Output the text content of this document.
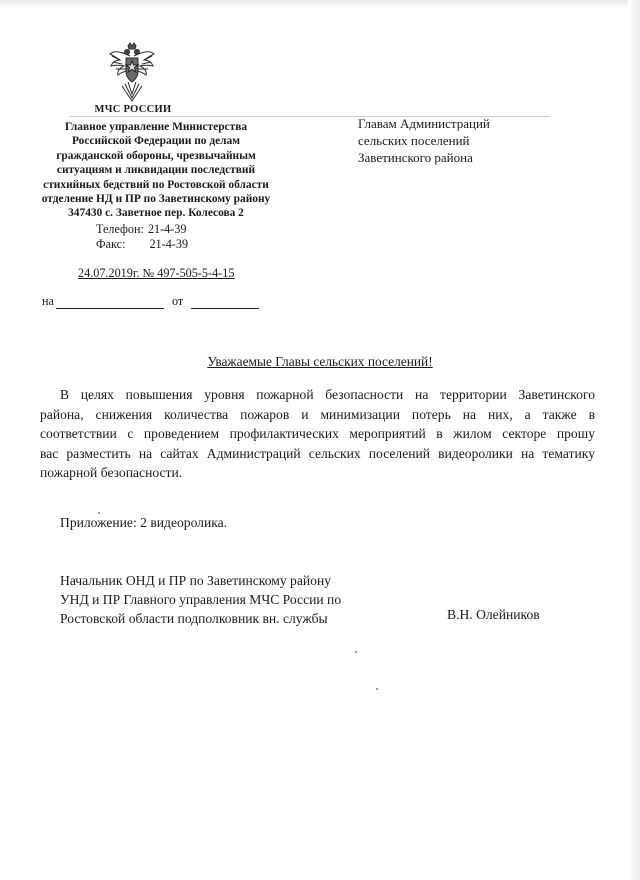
МЧС РОССИИ
Главное управление Министерства
Российской Федерации по делам
гражданской обороны, чрезвычайным
ситуациям и ликвидации последствий
стихийных бедствий по Ростовской области
отделение НД и ПР по Заветинскому району
347430 с. Заветное пер. Колесова 2
Телефон: 21-4-39
Факс: 21-4-39
24.07.2019г. № 497-505-5-4-15
на	от
Главам Администраций
сельских поселений
Заветинского района
Уважаемые Главы сельских поселений!
В целях повышения уровня пожарной безопасности на территории Заветинского
района, снижения количества пожаров и минимизации потерь на них, а также в
соответствии с проведением профилактических мероприятий в жилом секторе прошу
вас разместить на сайтах Администраций сельских поселений видеоролики на тематику
пожарной безопасности.
Приложение: 2 видеоролика.
Начальник ОНД и ПР по Заветинскому району
УНД и ПР Главного управления МЧС России по
Ростовской области подполковник вн. службы	В.Н. Олейников
